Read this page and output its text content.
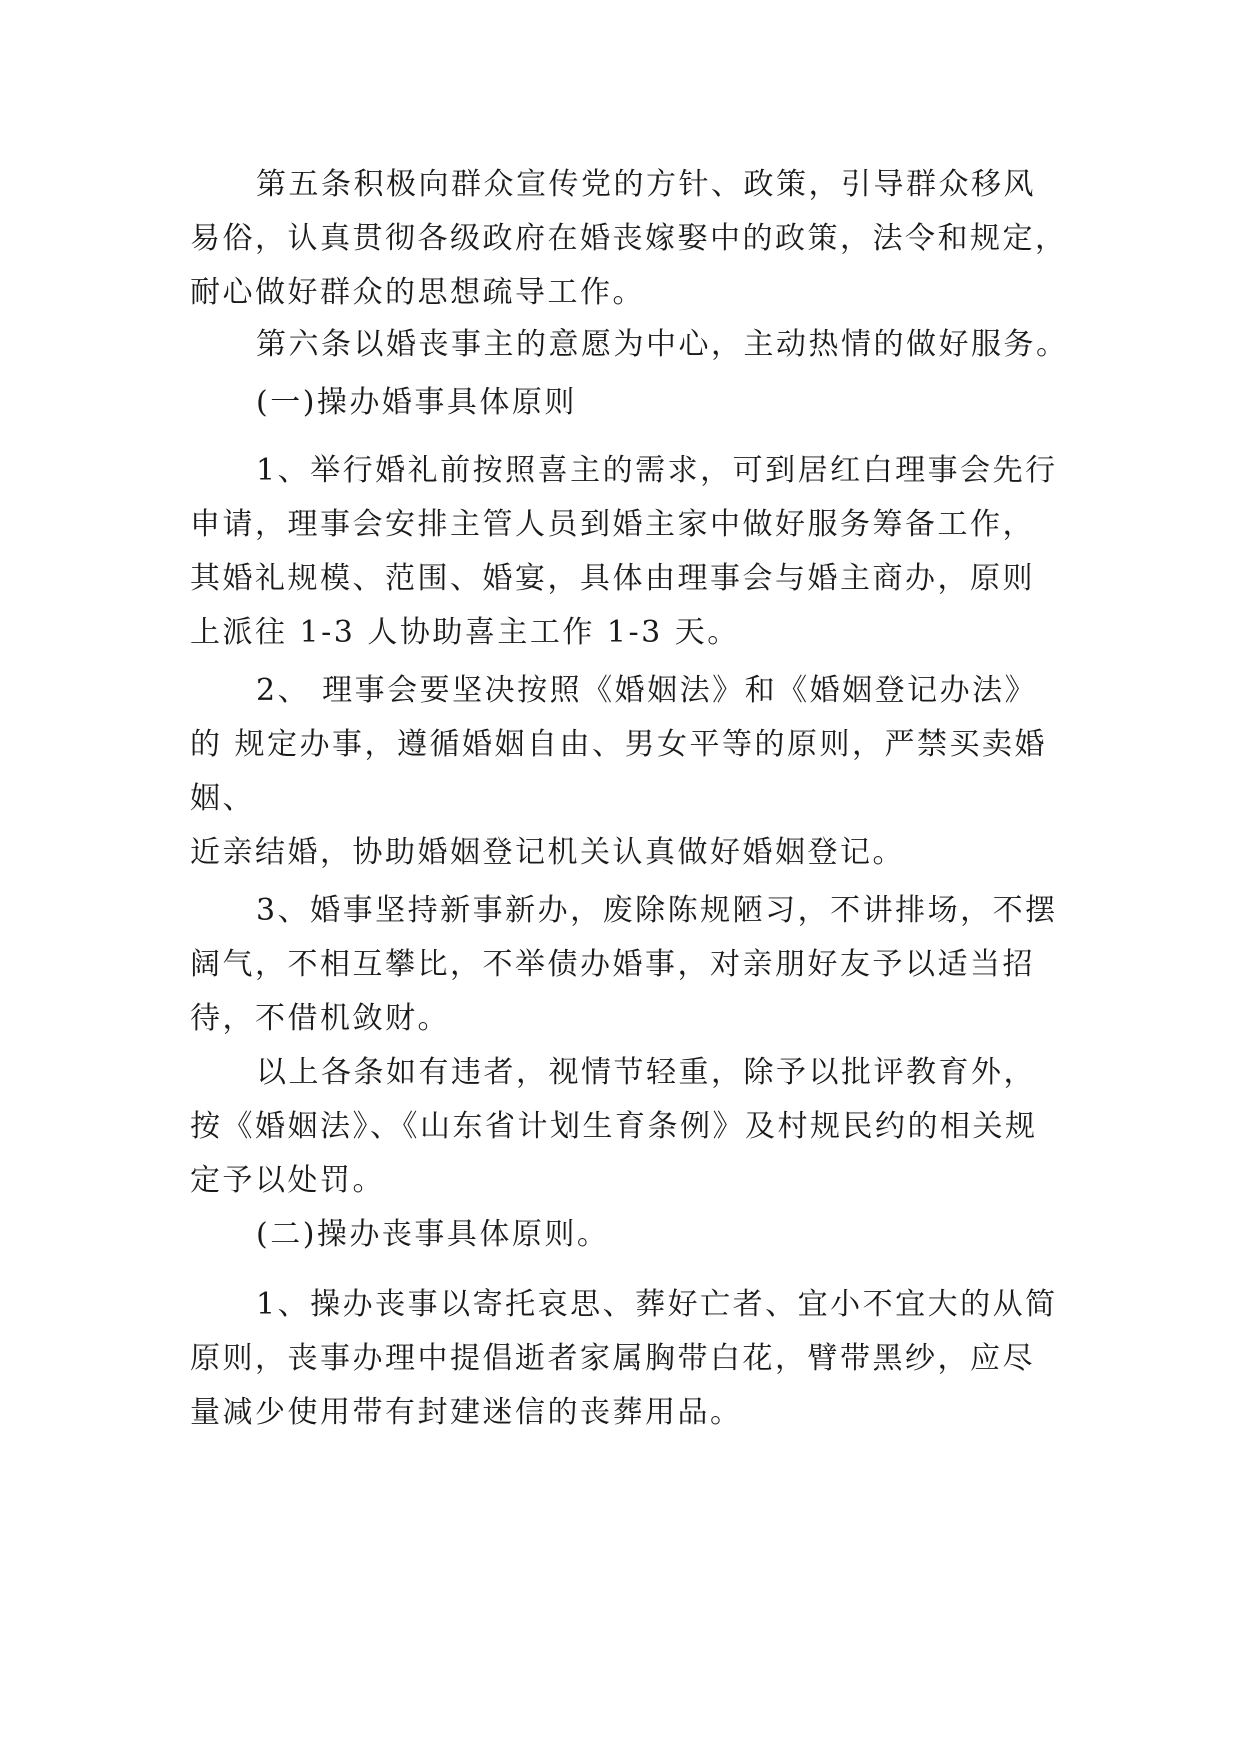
第五条积极向群众宣传党的方针、政策，引导群众移风
易俗，认真贯彻各级政府在婚丧嫁娶中的政策，法令和规定，
耐心做好群众的思想疏导工作。

第六条以婚丧事主的意愿为中心，主动热情的做好服务。

(一)操办婚事具体原则

1、举行婚礼前按照喜主的需求，可到居红白理事会先行
申请，理事会安排主管人员到婚主家中做好服务筹备工作，
其婚礼规模、范围、婚宴，具体由理事会与婚主商办，原则
上派往 1-3 人协助喜主工作 1-3 天。

2、 理事会要坚决按照《婚姻法》和《婚姻登记办法》
的 规定办事，遵循婚姻自由、男女平等的原则，严禁买卖婚
姻、
近亲结婚，协助婚姻登记机关认真做好婚姻登记。

3、婚事坚持新事新办，废除陈规陋习，不讲排场，不摆
阔气，不相互攀比，不举债办婚事，对亲朋好友予以适当招
待，不借机敛财。

以上各条如有违者，视情节轻重，除予以批评教育外，
按《婚姻法》、《山东省计划生育条例》及村规民约的相关规
定予以处罚。

(二)操办丧事具体原则。

1、操办丧事以寄托哀思、葬好亡者、宜小不宜大的从简
原则，丧事办理中提倡逝者家属胸带白花，臂带黑纱，应尽
量减少使用带有封建迷信的丧葬用品。
